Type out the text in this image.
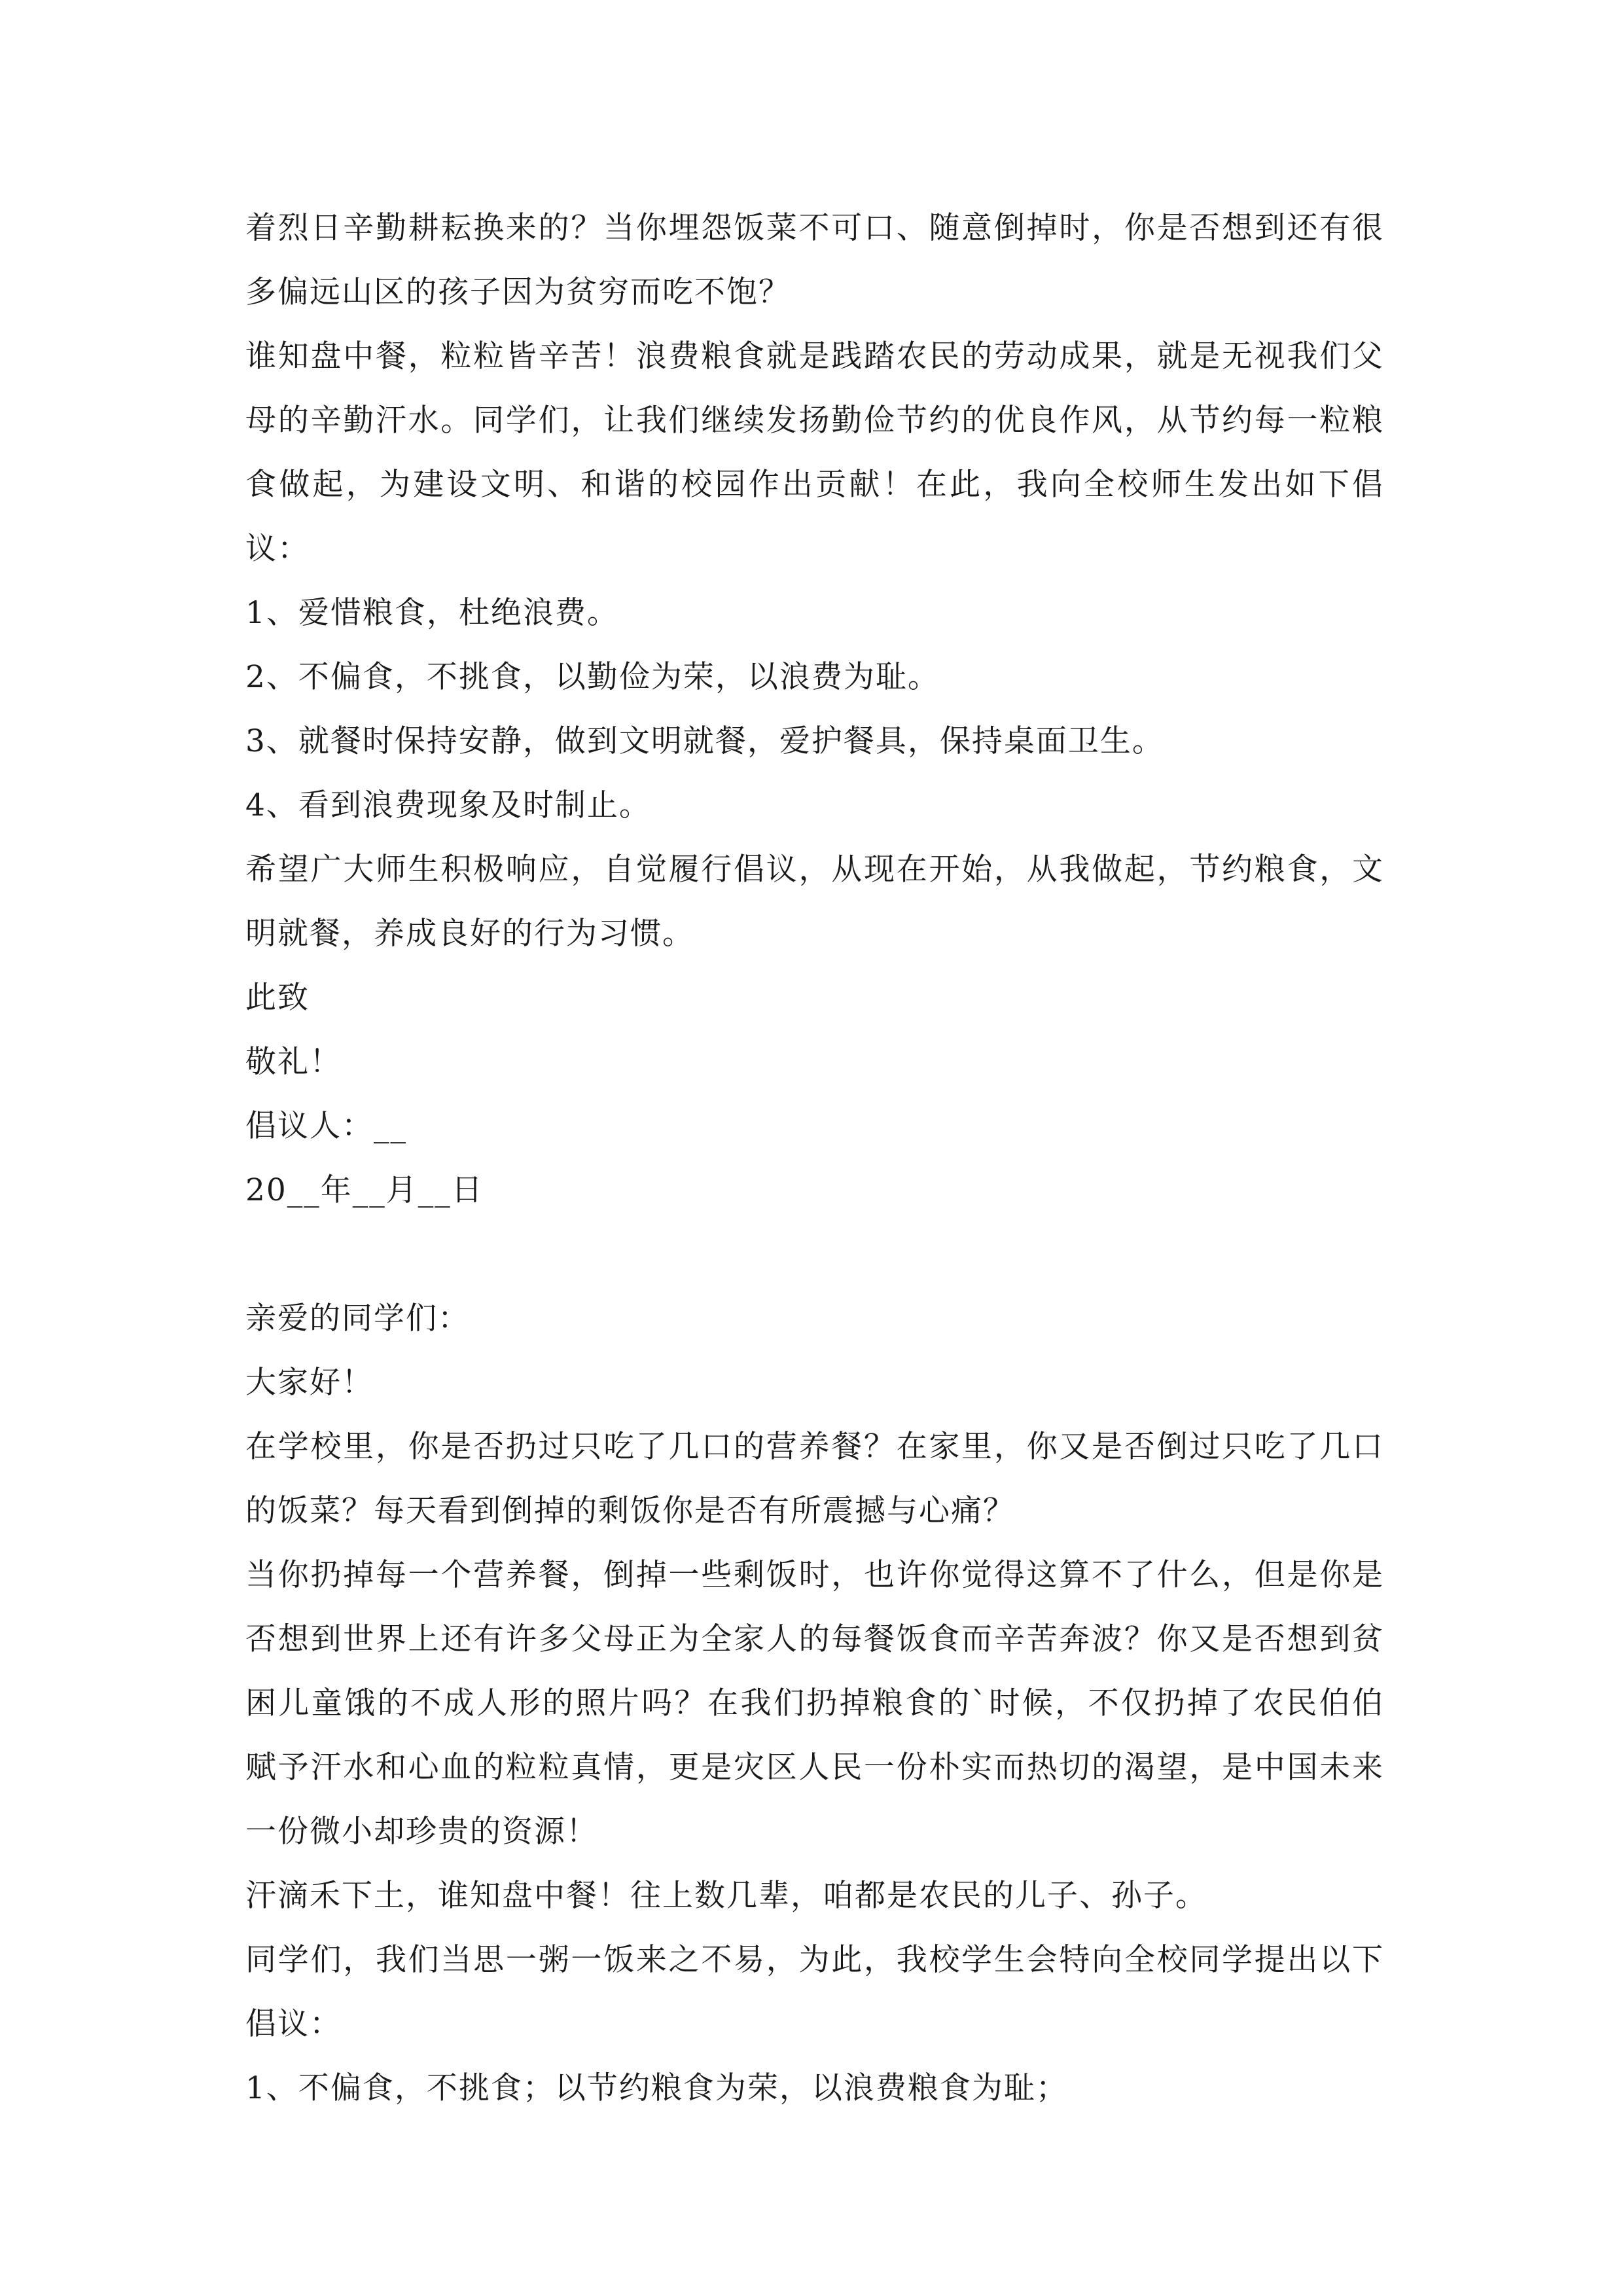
着烈日辛勤耕耘换来的？当你埋怨饭菜不可口、随意倒掉时，你是否想到还有很多偏远山区的孩子因为贫穷而吃不饱？

谁知盘中餐，粒粒皆辛苦！浪费粮食就是践踏农民的劳动成果，就是无视我们父母的辛勤汗水。同学们，让我们继续发扬勤俭节约的优良作风，从节约每一粒粮食做起，为建设文明、和谐的校园作出贡献！在此，我向全校师生发出如下倡议：

1、爱惜粮食，杜绝浪费。

2、不偏食，不挑食，以勤俭为荣，以浪费为耻。

3、就餐时保持安静，做到文明就餐，爱护餐具，保持桌面卫生。

4、看到浪费现象及时制止。

希望广大师生积极响应，自觉履行倡议，从现在开始，从我做起，节约粮食，文明就餐，养成良好的行为习惯。

此致

敬礼！

倡议人：__

20__年__月__日

亲爱的同学们：

大家好！

在学校里，你是否扔过只吃了几口的营养餐？在家里，你又是否倒过只吃了几口的饭菜？每天看到倒掉的剩饭你是否有所震撼与心痛？

当你扔掉每一个营养餐，倒掉一些剩饭时，也许你觉得这算不了什么，但是你是否想到世界上还有许多父母正为全家人的每餐饭食而辛苦奔波？你又是否想到贫困儿童饿的不成人形的照片吗？在我们扔掉粮食的`时候，不仅扔掉了农民伯伯赋予汗水和心血的粒粒真情，更是灾区人民一份朴实而热切的渴望，是中国未来一份微小却珍贵的资源！

汗滴禾下土，谁知盘中餐！往上数几辈，咱都是农民的儿子、孙子。

同学们，我们当思一粥一饭来之不易，为此，我校学生会特向全校同学提出以下倡议：

1、不偏食，不挑食；以节约粮食为荣，以浪费粮食为耻；
